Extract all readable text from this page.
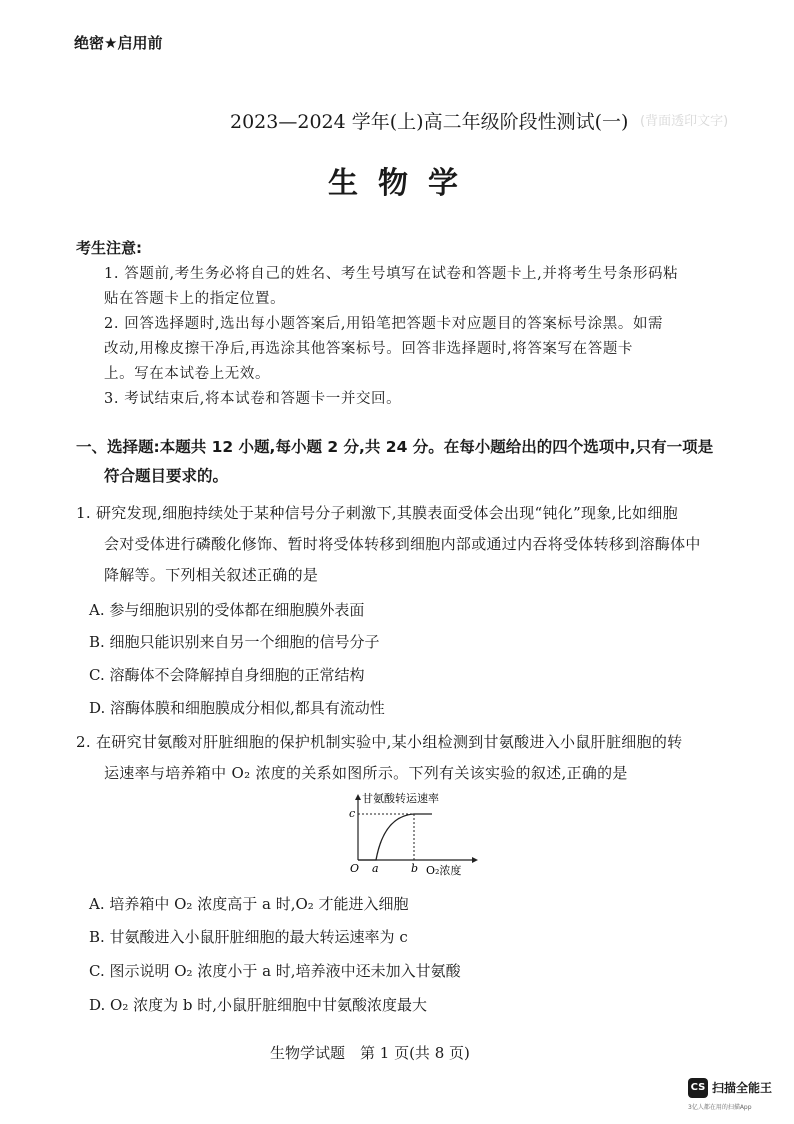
绝密★启用前
2023—2024 学年(上)高二年级阶段性测试(一)
生物学
考生注意:
1. 答题前,考生务必将自己的姓名、考生号填写在试卷和答题卡上,并将考生号条形码粘
贴在答题卡上的指定位置。
2. 回答选择题时,选出每小题答案后,用铅笔把答题卡对应题目的答案标号涂黑。如需
改动,用橡皮擦干净后,再选涂其他答案标号。回答非选择题时,将答案写在答题卡
上。写在本试卷上无效。
3. 考试结束后,将本试卷和答题卡一并交回。
一、选择题:本题共 12 小题,每小题 2 分,共 24 分。在每小题给出的四个选项中,只有一项是
符合题目要求的。
1. 研究发现,细胞持续处于某种信号分子刺激下,其膜表面受体会出现“钝化”现象,比如细胞
会对受体进行磷酸化修饰、暂时将受体转移到细胞内部或通过内吞将受体转移到溶酶体中
降解等。下列相关叙述正确的是
A. 参与细胞识别的受体都在细胞膜外表面
B. 细胞只能识别来自另一个细胞的信号分子
C. 溶酶体不会降解掉自身细胞的正常结构
D. 溶酶体膜和细胞膜成分相似,都具有流动性
2. 在研究甘氨酸对肝脏细胞的保护机制实验中,某小组检测到甘氨酸进入小鼠肝脏细胞的转
运速率与培养箱中 O₂ 浓度的关系如图所示。下列有关该实验的叙述,正确的是
甘氨酸转运速率
c
O a	b O₂浓度
A. 培养箱中 O₂ 浓度高于 a 时,O₂ 才能进入细胞
B. 甘氨酸进入小鼠肝脏细胞的最大转运速率为 c
C. 图示说明 O₂ 浓度小于 a 时,培养液中还未加入甘氨酸
D. O₂ 浓度为 b 时,小鼠肝脏细胞中甘氨酸浓度最大
生物学试题　第 1 页(共 8 页)
(背面透印文字)
CS 扫描全能王
3亿人都在用的扫描App
